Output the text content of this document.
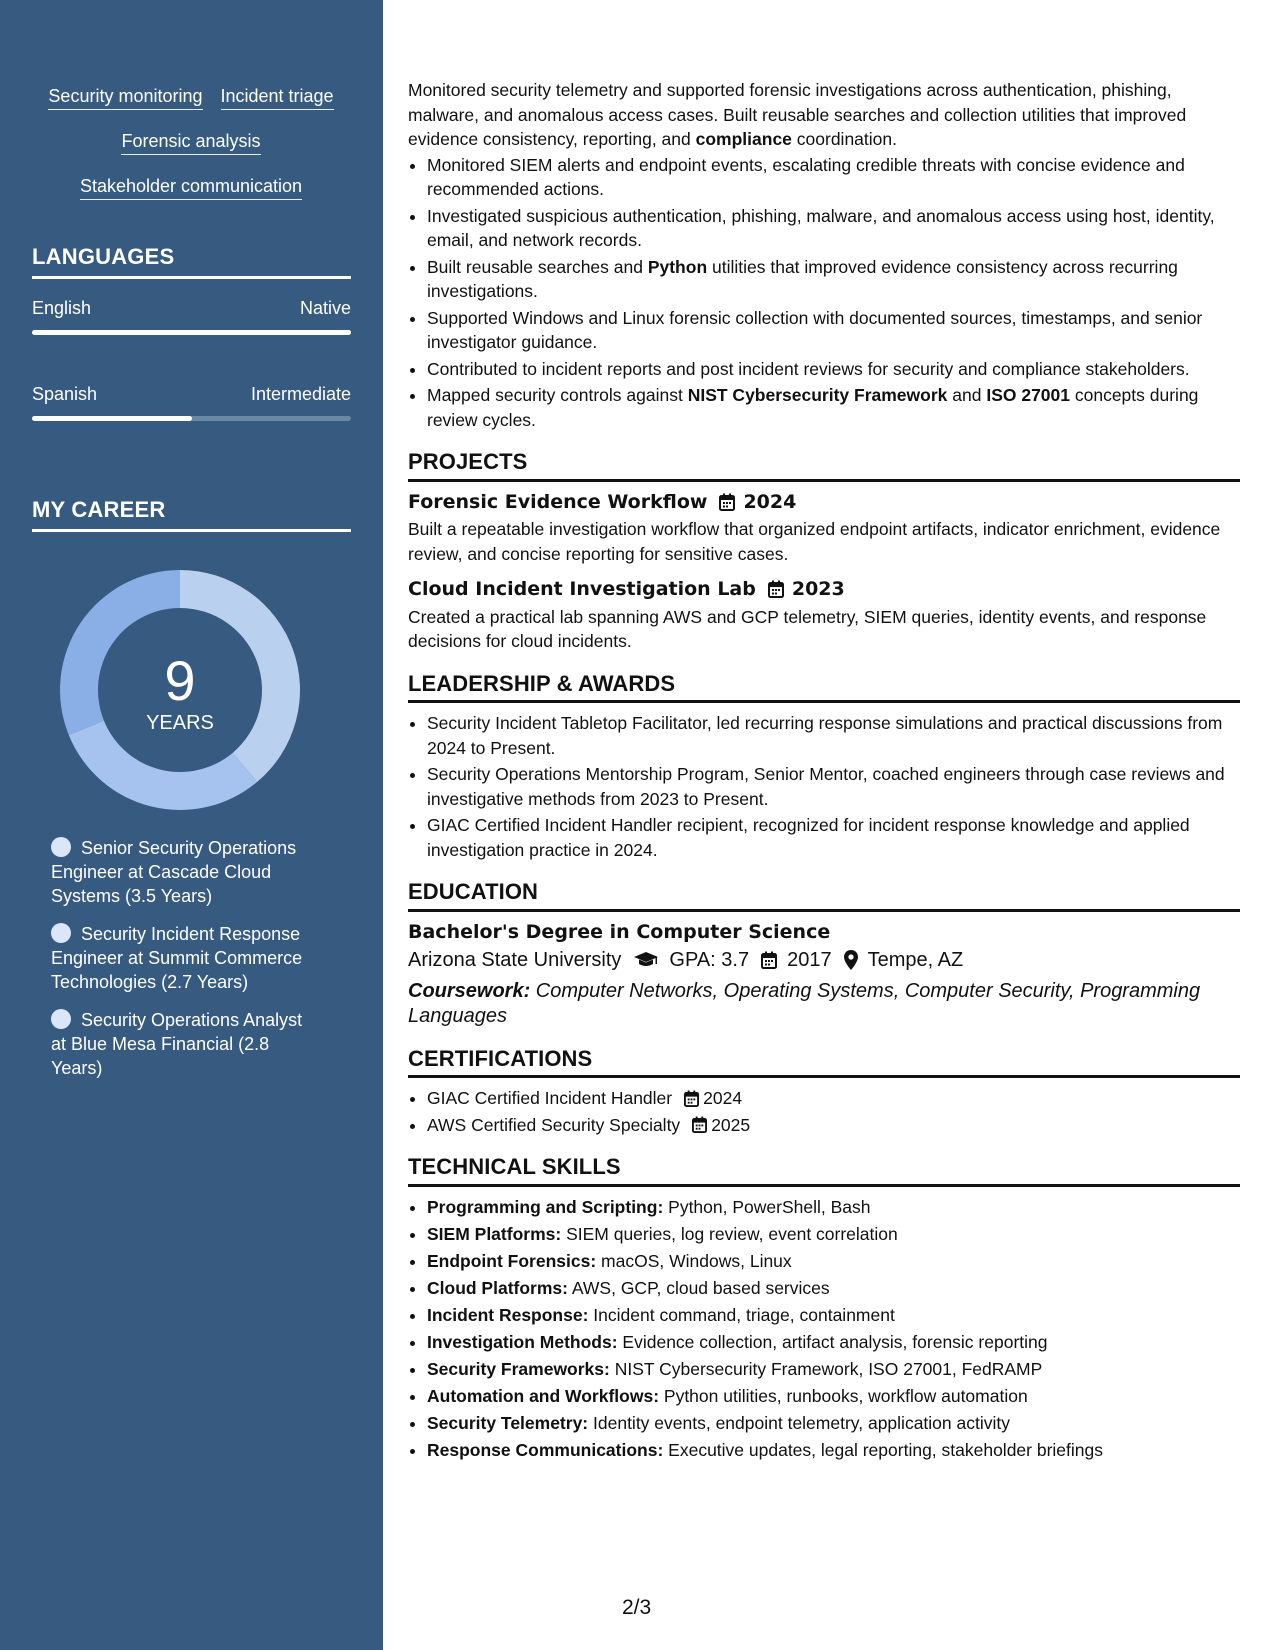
Security monitoring Incident triage
Forensic analysis
Stakeholder communication
LANGUAGES
English	Native
Spanish	Intermediate
MY CAREER
9
YEARS
Senior Security Operations Engineer at Cascade Cloud Systems (3.5 Years)
Security Incident Response Engineer at Summit Commerce Technologies (2.7 Years)
Security Operations Analyst at Blue Mesa Financial (2.8 Years)

Monitored security telemetry and supported forensic investigations across authentication, phishing, malware, and anomalous access cases. Built reusable searches and collection utilities that improved evidence consistency, reporting, and compliance coordination.

• Monitored SIEM alerts and endpoint events, escalating credible threats with concise evidence and recommended actions.
• Investigated suspicious authentication, phishing, malware, and anomalous access using host, identity, email, and network records.
• Built reusable searches and Python utilities that improved evidence consistency across recurring investigations.
• Supported Windows and Linux forensic collection with documented sources, timestamps, and senior investigator guidance.
• Contributed to incident reports and post incident reviews for security and compliance stakeholders.
• Mapped security controls against NIST Cybersecurity Framework and ISO 27001 concepts during review cycles.
PROJECTS
Forensic Evidence Workflow 2024

Built a repeatable investigation workflow that organized endpoint artifacts, indicator enrichment, evidence review, and concise reporting for sensitive cases.

Cloud Incident Investigation Lab 2023

Created a practical lab spanning AWS and GCP telemetry, SIEM queries, identity events, and response decisions for cloud incidents.

LEADERSHIP & AWARDS
• Security Incident Tabletop Facilitator, led recurring response simulations and practical discussions from 2024 to Present.
• Security Operations Mentorship Program, Senior Mentor, coached engineers through case reviews and investigative methods from 2023 to Present.
• GIAC Certified Incident Handler recipient, recognized for incident response knowledge and applied investigation practice in 2024.
EDUCATION
Bachelor's Degree in Computer Science
Arizona State University GPA: 3.7 2017 Tempe, AZ
Coursework: Computer Networks, Operating Systems, Computer Security, Programming Languages
CERTIFICATIONS
• GIAC Certified Incident Handler 2024
• AWS Certified Security Specialty 2025
TECHNICAL SKILLS
• Programming and Scripting: Python, PowerShell, Bash
• SIEM Platforms: SIEM queries, log review, event correlation
• Endpoint Forensics: macOS, Windows, Linux
• Cloud Platforms: AWS, GCP, cloud based services
• Incident Response: Incident command, triage, containment
• Investigation Methods: Evidence collection, artifact analysis, forensic reporting
• Security Frameworks: NIST Cybersecurity Framework, ISO 27001, FedRAMP
• Automation and Workflows: Python utilities, runbooks, workflow automation
• Security Telemetry: Identity events, endpoint telemetry, application activity
• Response Communications: Executive updates, legal reporting, stakeholder briefings
2/3
